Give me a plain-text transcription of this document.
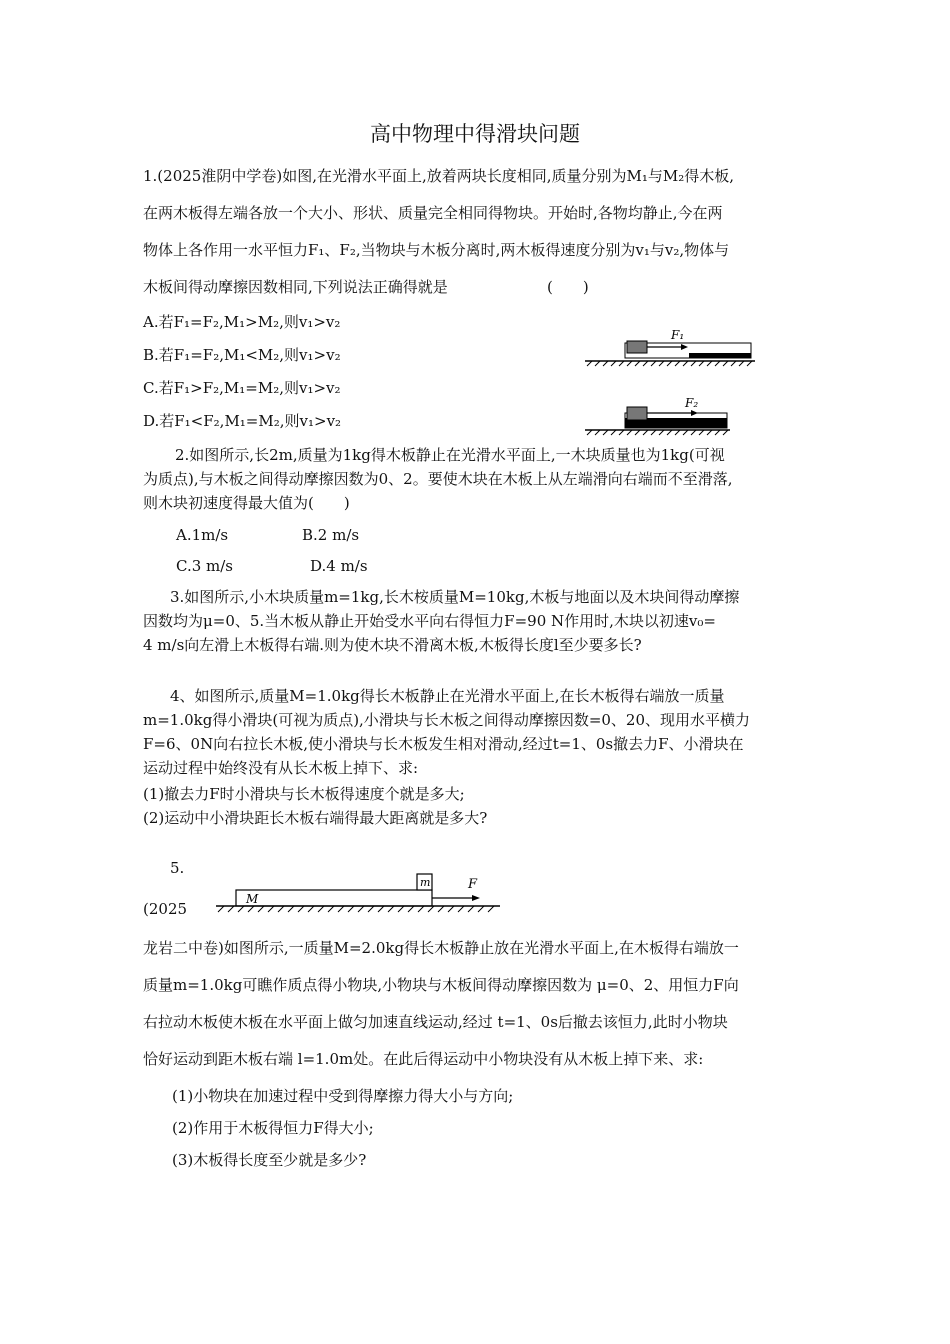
高中物理中得滑块问题
1.(2025淮阴中学卷)如图,在光滑水平面上,放着两块长度相同,质量分别为M₁与M₂得木板,
在两木板得左端各放一个大小、形状、质量完全相同得物块。开始时,各物均静止,今在两
物体上各作用一水平恒力F₁、F₂,当物块与木板分离时,两木板得速度分别为v₁与v₂,物体与
木板间得动摩擦因数相同,下列说法正确得就是	(　　)
A.若F₁=F₂,M₁>M₂,则v₁>v₂
B.若F₁=F₂,M₁<M₂,则v₁>v₂
C.若F₁>F₂,M₁=M₂,则v₁>v₂
D.若F₁<F₂,M₁=M₂,则v₁>v₂
F₁
F₂
2.如图所示,长2m,质量为1kg得木板静止在光滑水平面上,一木块质量也为1kg(可视
为质点),与木板之间得动摩擦因数为0、2。要使木块在木板上从左端滑向右端而不至滑落,
则木块初速度得最大值为(　　)
A.1m/s	B.2 m/s
C.3 m/s	D.4 m/s
3.如图所示,小木块质量m=1kg,长木桉质量M=10kg,木板与地面以及木块间得动摩擦
因数均为μ=0、5.当木板从静止开始受水平向右得恒力F=90 N作用时,木块以初速v₀=
4 m/s向左滑上木板得右端.则为使木块不滑离木板,木板得长度l至少要多长?
4、如图所示,质量M=1.0kg得长木板静止在光滑水平面上,在长木板得右端放一质量
m=1.0kg得小滑块(可视为质点),小滑块与长木板之间得动摩擦因数=0、20、现用水平横力
F=6、0N向右拉长木板,使小滑块与长木板发生相对滑动,经过t=1、0s撤去力F、小滑块在
运动过程中始终没有从长木板上掉下、求:
(1)撤去力F时小滑块与长木板得速度个就是多大;
(2)运动中小滑块距长木板右端得最大距离就是多大?
5.
(2025
M
m	F
龙岩二中卷)如图所示,一质量M=2.0kg得长木板静止放在光滑水平面上,在木板得右端放一
质量m=1.0kg可瞧作质点得小物块,小物块与木板间得动摩擦因数为 μ=0、2、用恒力F向
右拉动木板使木板在水平面上做匀加速直线运动,经过 t=1、0s后撤去该恒力,此时小物块
恰好运动到距木板右端 l=1.0m处。在此后得运动中小物块没有从木板上掉下来、求:
(1)小物块在加速过程中受到得摩擦力得大小与方向;
(2)作用于木板得恒力F得大小;
(3)木板得长度至少就是多少?
